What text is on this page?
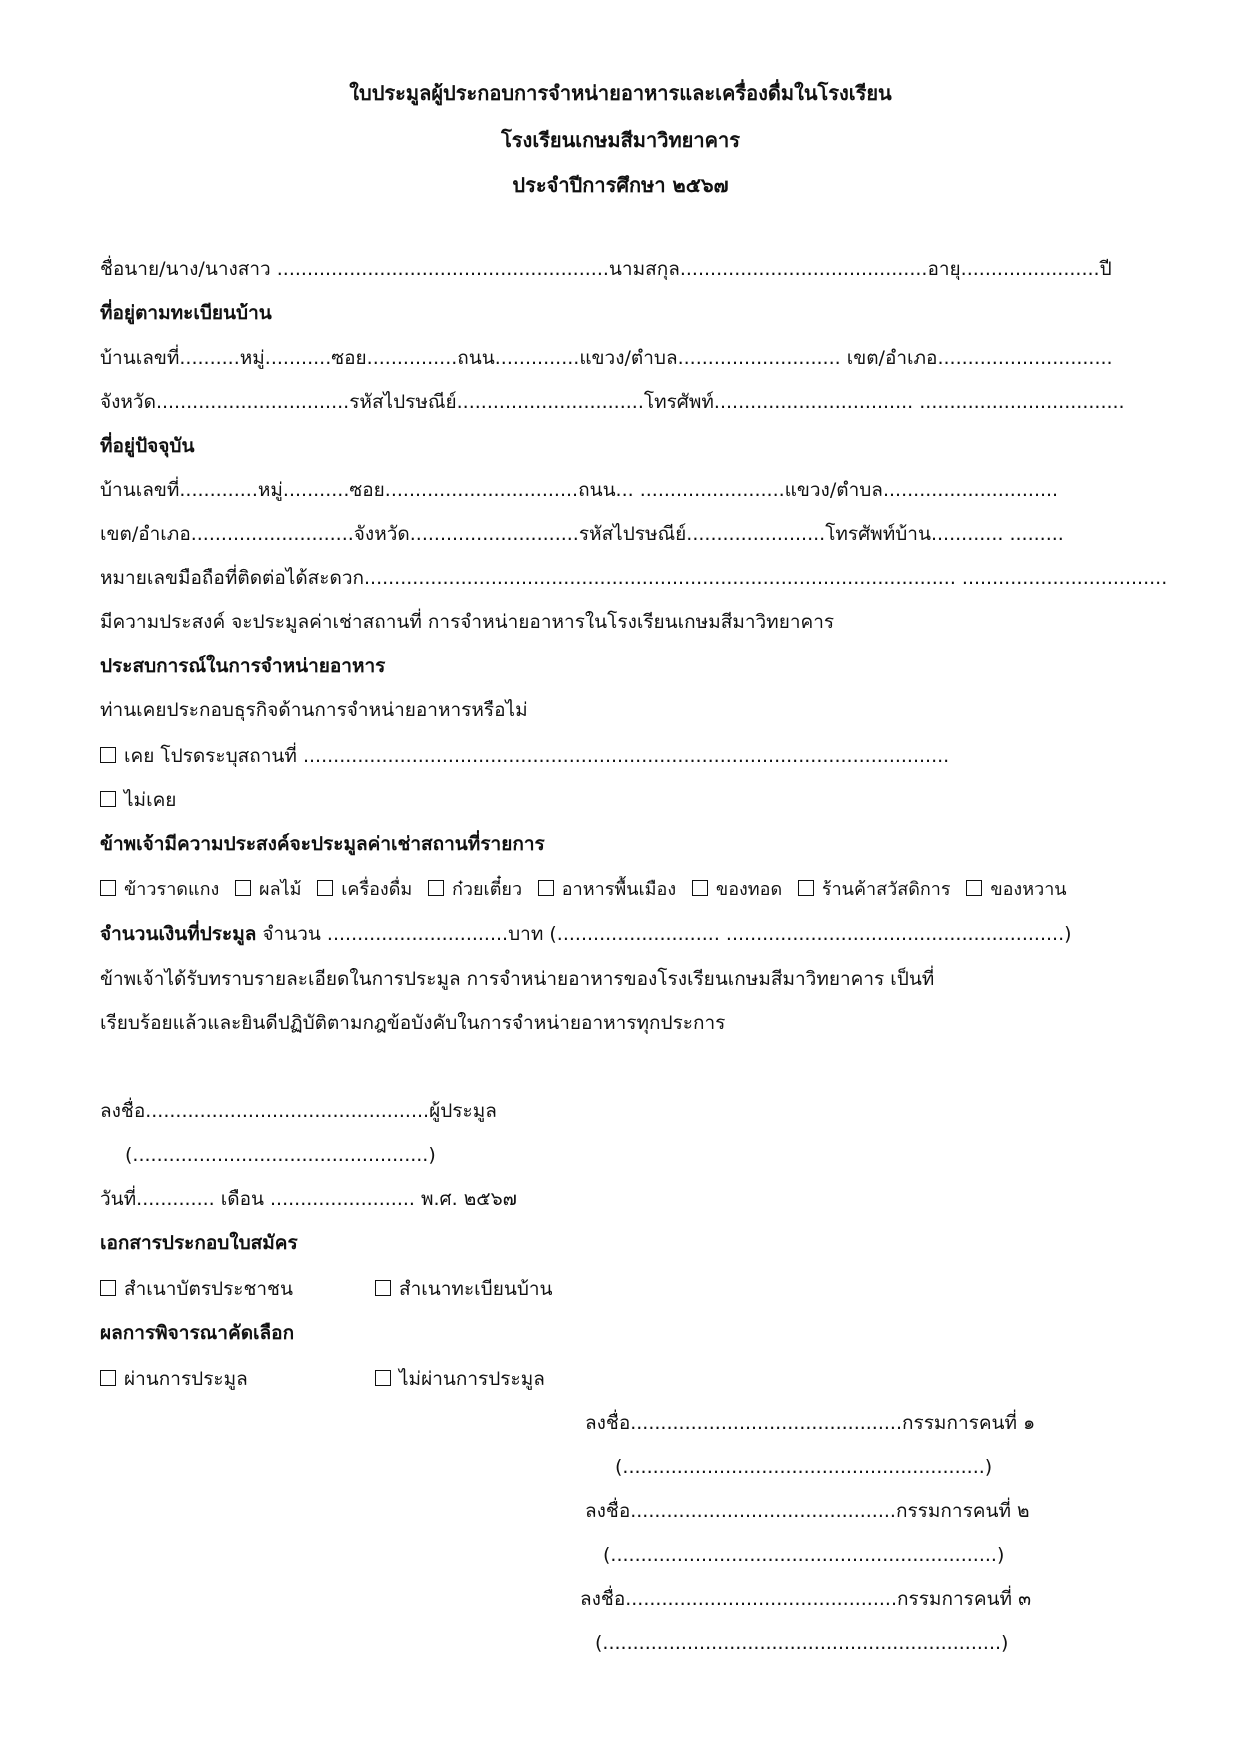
ใบประมูลผู้ประกอบการจำหน่ายอาหารและเครื่องดื่มในโรงเรียน
โรงเรียนเกษมสีมาวิทยาคาร
ประจำปีการศึกษา ๒๕๖๗
ชื่อนาย/นาง/นางสาว .......................................................นามสกุล.........................................อายุ.......................ปี
ที่อยู่ตามทะเบียนบ้าน
บ้านเลขที่..........หมู่...........ซอย...............ถนน..............แขวง/ตำบล........................... เขต/อำเภอ.............................
จังหวัด................................รหัสไปรษณีย์...............................โทรศัพท์................................. ..................................
ที่อยู่ปัจจุบัน
บ้านเลขที่.............หมู่...........ซอย................................ถนน... ........................แขวง/ตำบล.............................
เขต/อำเภอ...........................จังหวัด............................รหัสไปรษณีย์.......................โทรศัพท์บ้าน............ .........
หมายเลขมือถือที่ติดต่อได้สะดวก.................................................................................................. ..................................
มีความประสงค์ จะประมูลค่าเช่าสถานที่ การจำหน่ายอาหารในโรงเรียนเกษมสีมาวิทยาคาร
ประสบการณ์ในการจำหน่ายอาหาร
ท่านเคยประกอบธุรกิจด้านการจำหน่ายอาหารหรือไม่
เคย โปรดระบุสถานที่ ...........................................................................................................
ไม่เคย
ข้าพเจ้ามีความประสงค์จะประมูลค่าเช่าสถานที่รายการ
ข้าวราดแกง ผลไม้ เครื่องดื่ม ก๋วยเตี๋ยว อาหารพื้นเมือง ของทอด ร้านค้าสวัสดิการ ของหวาน
จำนวนเงินที่ประมูล จำนวน ..............................บาท (........................... ........................................................)
ข้าพเจ้าได้รับทราบรายละเอียดในการประมูล การจำหน่ายอาหารของโรงเรียนเกษมสีมาวิทยาคาร เป็นที่
เรียบร้อยแล้วและยินดีปฏิบัติตามกฎข้อบังคับในการจำหน่ายอาหารทุกประการ
ลงชื่อ...............................................ผู้ประมูล
(.................................................)
วันที่............. เดือน ........................ พ.ศ. ๒๕๖๗
เอกสารประกอบใบสมัคร
สำเนาบัตรประชาชน	สำเนาทะเบียนบ้าน
ผลการพิจารณาคัดเลือก
ผ่านการประมูล	ไม่ผ่านการประมูล
ลงชื่อ.............................................กรรมการคนที่ ๑
(............................................................)
ลงชื่อ............................................กรรมการคนที่ ๒
(................................................................)
ลงชื่อ.............................................กรรมการคนที่ ๓
(..................................................................)
